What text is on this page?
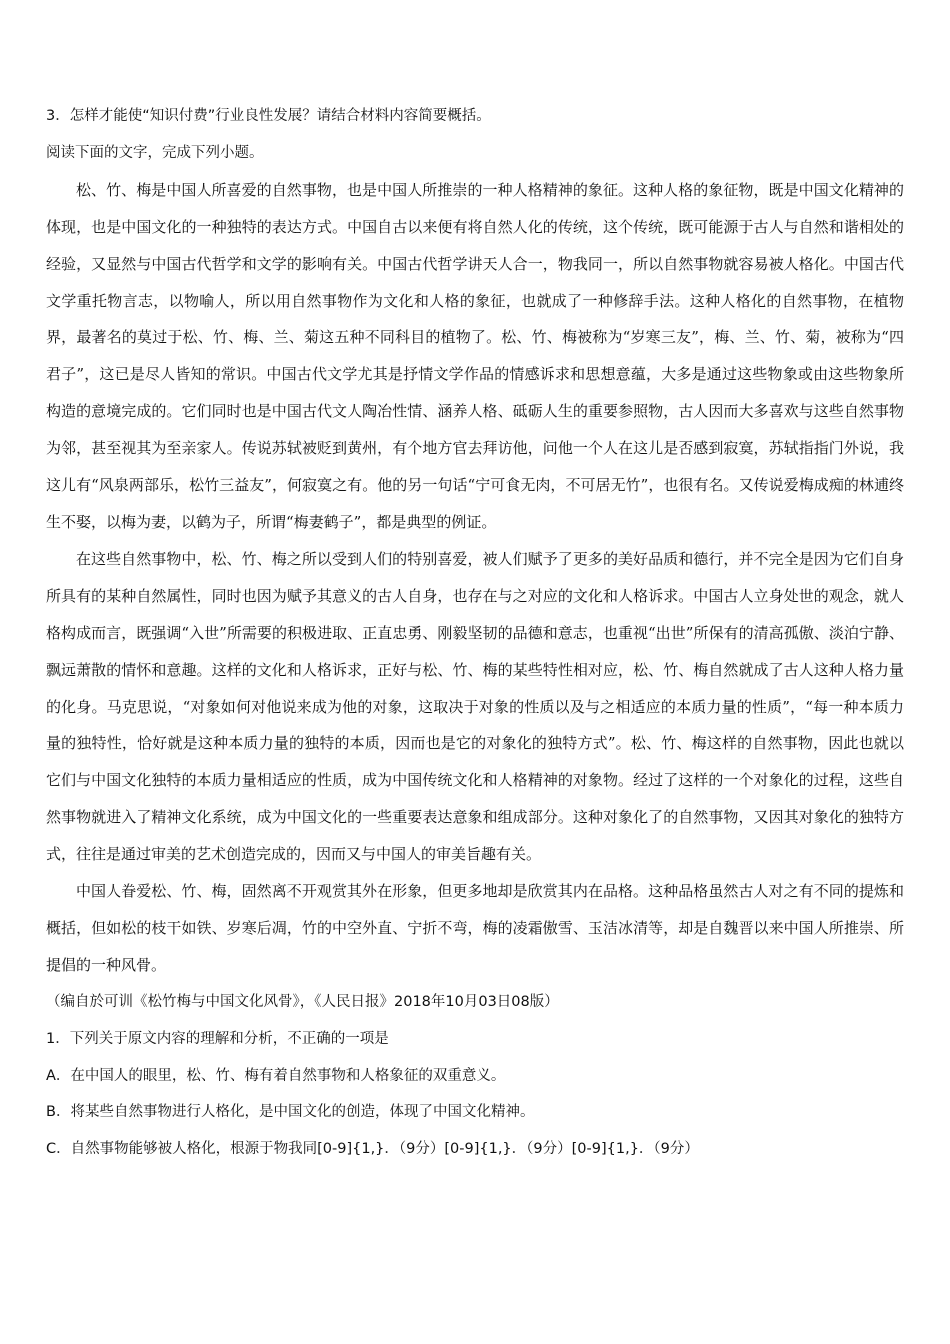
3．怎样才能使“知识付费”行业良性发展？请结合材料内容简要概括。
阅读下面的文字，完成下列小题。

松、竹、梅是中国人所喜爱的自然事物，也是中国人所推崇的一种人格精神的象征。这种人格的象征物，既是中国文化精神的体现，也是中国文化的一种独特的表达方式。中国自古以来便有将自然人化的传统，这个传统，既可能源于古人与自然和谐相处的经验，又显然与中国古代哲学和文学的影响有关。中国古代哲学讲天人合一，物我同一，所以自然事物就容易被人格化。中国古代文学重托物言志，以物喻人，所以用自然事物作为文化和人格的象征，也就成了一种修辞手法。这种人格化的自然事物，在植物界，最著名的莫过于松、竹、梅、兰、菊这五种不同科目的植物了。松、竹、梅被称为“岁寒三友”，梅、兰、竹、菊，被称为“四君子”，这已是尽人皆知的常识。中国古代文学尤其是抒情文学作品的情感诉求和思想意蕴，大多是通过这些物象或由这些物象所构造的意境完成的。它们同时也是中国古代文人陶冶性情、涵养人格、砥砺人生的重要参照物，古人因而大多喜欢与这些自然事物为邻，甚至视其为至亲家人。传说苏轼被贬到黄州，有个地方官去拜访他，问他一个人在这儿是否感到寂寞，苏轼指指门外说，我这儿有“风泉两部乐，松竹三益友”，何寂寞之有。他的另一句话“宁可食无肉，不可居无竹”，也很有名。又传说爱梅成痴的林逋终生不娶，以梅为妻，以鹤为子，所谓“梅妻鹤子”，都是典型的例证。

在这些自然事物中，松、竹、梅之所以受到人们的特别喜爱，被人们赋予了更多的美好品质和德行，并不完全是因为它们自身所具有的某种自然属性，同时也因为赋予其意义的古人自身，也存在与之对应的文化和人格诉求。中国古人立身处世的观念，就人格构成而言，既强调“入世”所需要的积极进取、正直忠勇、刚毅坚韧的品德和意志，也重视“出世”所保有的清高孤傲、淡泊宁静、飘远萧散的情怀和意趣。这样的文化和人格诉求，正好与松、竹、梅的某些特性相对应，松、竹、梅自然就成了古人这种人格力量的化身。马克思说，“对象如何对他说来成为他的对象，这取决于对象的性质以及与之相适应的本质力量的性质”，“每一种本质力量的独特性，恰好就是这种本质力量的独特的本质，因而也是它的对象化的独特方式”。松、竹、梅这样的自然事物，因此也就以它们与中国文化独特的本质力量相适应的性质，成为中国传统文化和人格精神的对象物。经过了这样的一个对象化的过程，这些自然事物就进入了精神文化系统，成为中国文化的一些重要表达意象和组成部分。这种对象化了的自然事物，又因其对象化的独特方式，往往是通过审美的艺术创造完成的，因而又与中国人的审美旨趣有关。

中国人眷爱松、竹、梅，固然离不开观赏其外在形象，但更多地却是欣赏其内在品格。这种品格虽然古人对之有不同的提炼和概括，但如松的枝干如铁、岁寒后凋，竹的中空外直、宁折不弯，梅的凌霜傲雪、玉洁冰清等，却是自魏晋以来中国人所推崇、所提倡的一种风骨。

（编自於可训《松竹梅与中国文化风骨》，《人民日报》2018年10月03日08版）
1．下列关于原文内容的理解和分析，不正确的一项是
A．在中国人的眼里，松、竹、梅有着自然事物和人格象征的双重意义。
B．将某些自然事物进行人格化，是中国文化的创造，体现了中国文化精神。
C．自然事物能够被人格化，根源于物我同[0-9]{1,}．（9分）[0-9]{1,}．（9分）[0-9]{1,}．（9分）
